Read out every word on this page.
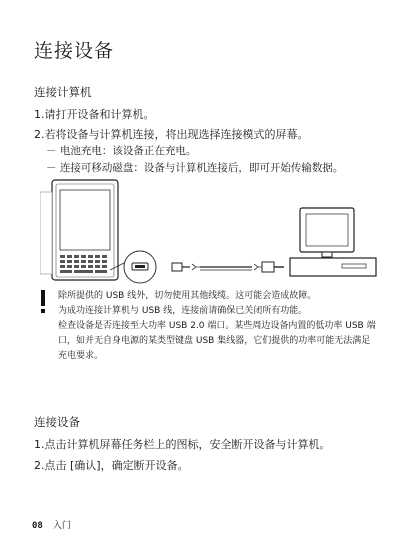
连接设备
连接计算机
1.请打开设备和计算机。
2.若将设备与计算机连接，将出现选择连接模式的屏幕。
－ 电池充电：该设备正在充电。
－ 连接可移动磁盘：设备与计算机连接后，即可开始传输数据。

除所提供的 USB 线外，切勿使用其他线缆。这可能会造成故障。

为成功连接计算机与 USB 线，连接前请确保已关闭所有功能。

检查设备是否连接至大功率 USB 2.0 端口。某些周边设备内置的低功率 USB 端口，如并无自身电源的某类型键盘 USB 集线器，它们提供的功率可能无法满足充电要求。

连接设备
1.点击计算机屏幕任务栏上的图标，安全断开设备与计算机。
2.点击 [确认]，确定断开设备。
08 入门
